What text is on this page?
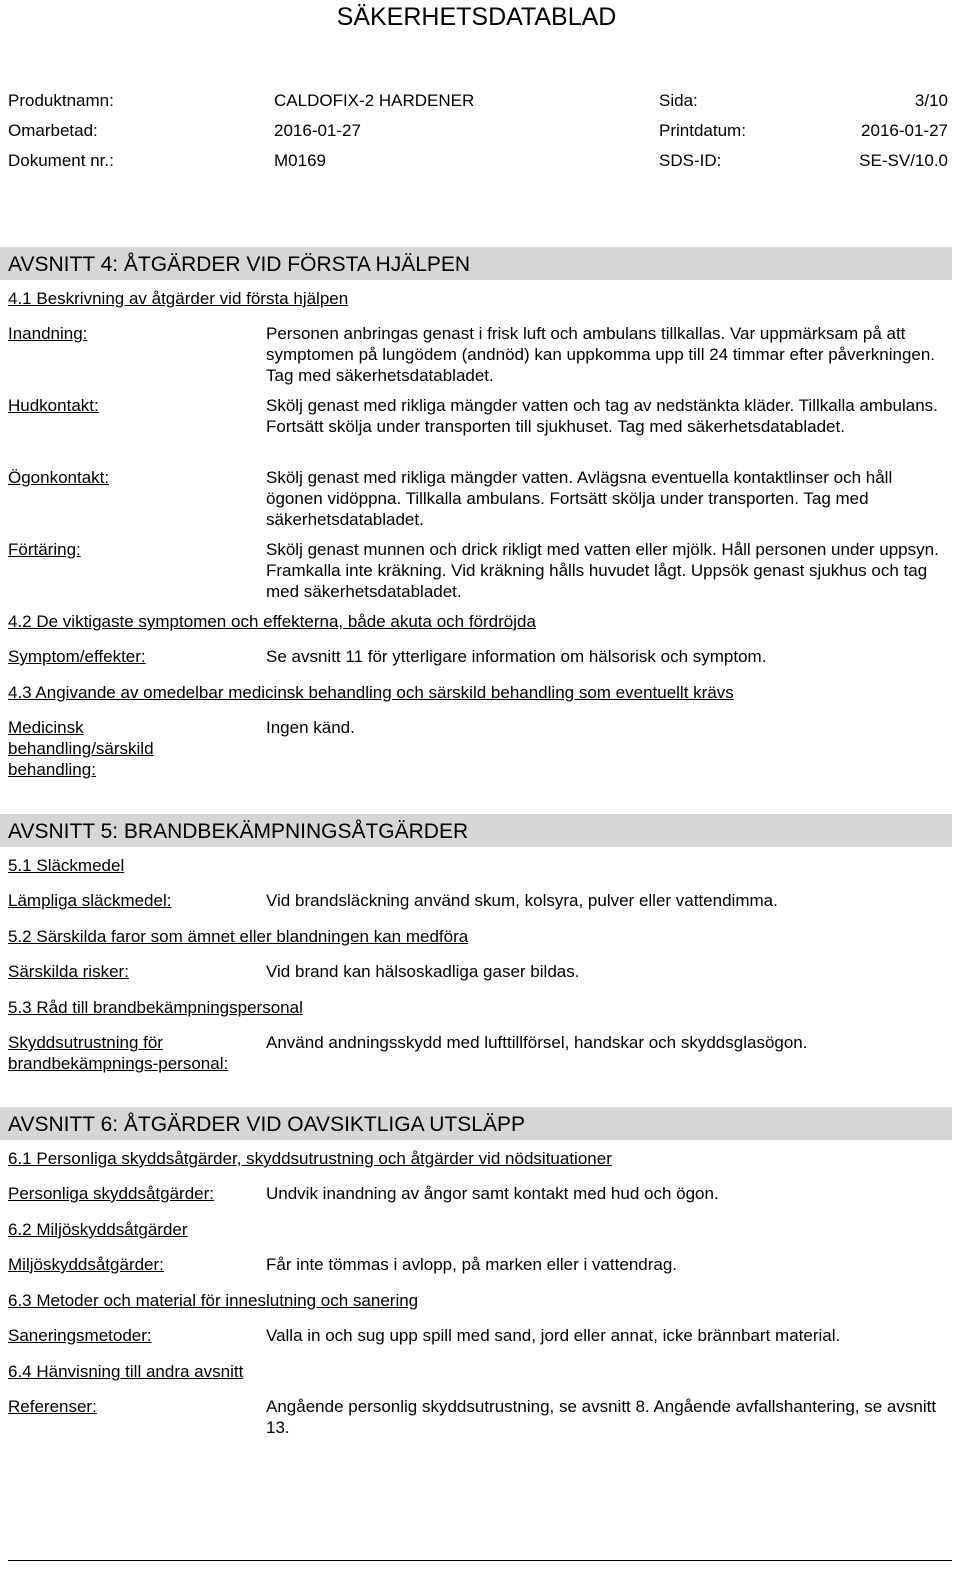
SÄKERHETSDATABLAD
Produktnamn:	CALDOFIX-2 HARDENER	Sida:	3/10
Omarbetad:	2016-01-27	Printdatum:	2016-01-27
Dokument nr.:	M0169	SDS-ID:	SE-SV/10.0
AVSNITT 4: ÅTGÄRDER VID FÖRSTA HJÄLPEN
4.1 Beskrivning av åtgärder vid första hjälpen
Inandning:	Personen anbringas genast i frisk luft och ambulans tillkallas. Var uppmärksam på att symptomen på lungödem (andnöd) kan uppkomma upp till 24 timmar efter påverkningen. Tag med säkerhetsdatabladet.
Hudkontakt:	Skölj genast med rikliga mängder vatten och tag av nedstänkta kläder. Tillkalla ambulans. Fortsätt skölja under transporten till sjukhuset. Tag med säkerhetsdatabladet.
Ögonkontakt:	Skölj genast med rikliga mängder vatten. Avlägsna eventuella kontaktlinser och håll ögonen vidöppna. Tillkalla ambulans. Fortsätt skölja under transporten. Tag med säkerhetsdatabladet.
Förtäring:	Skölj genast munnen och drick rikligt med vatten eller mjölk. Håll personen under uppsyn. Framkalla inte kräkning. Vid kräkning hålls huvudet lågt. Uppsök genast sjukhus och tag med säkerhetsdatabladet.
4.2 De viktigaste symptomen och effekterna, både akuta och fördröjda
Symptom/effekter:	Se avsnitt 11 för ytterligare information om hälsorisk och symptom.
4.3 Angivande av omedelbar medicinsk behandling och särskild behandling som eventuellt krävs
Medicinsk behandling/särskild behandling:
Ingen känd.
AVSNITT 5: BRANDBEKÄMPNINGSÅTGÄRDER
5.1 Släckmedel
Lämpliga släckmedel:	Vid brandsläckning använd skum, kolsyra, pulver eller vattendimma.
5.2 Särskilda faror som ämnet eller blandningen kan medföra
Särskilda risker:	Vid brand kan hälsoskadliga gaser bildas.
5.3 Råd till brandbekämpningspersonal
Skyddsutrustning för brandbekämpnings-personal:
Använd andningsskydd med lufttillförsel, handskar och skyddsglasögon.
AVSNITT 6: ÅTGÄRDER VID OAVSIKTLIGA UTSLÄPP
6.1 Personliga skyddsåtgärder, skyddsutrustning och åtgärder vid nödsituationer
Personliga skyddsåtgärder:	Undvik inandning av ångor samt kontakt med hud och ögon.
6.2 Miljöskyddsåtgärder
Miljöskyddsåtgärder:	Får inte tömmas i avlopp, på marken eller i vattendrag.
6.3 Metoder och material för inneslutning och sanering
Saneringsmetoder:	Valla in och sug upp spill med sand, jord eller annat, icke brännbart material.
6.4 Hänvisning till andra avsnitt
Referenser:	Angående personlig skyddsutrustning, se avsnitt 8. Angående avfallshantering, se avsnitt 13.
